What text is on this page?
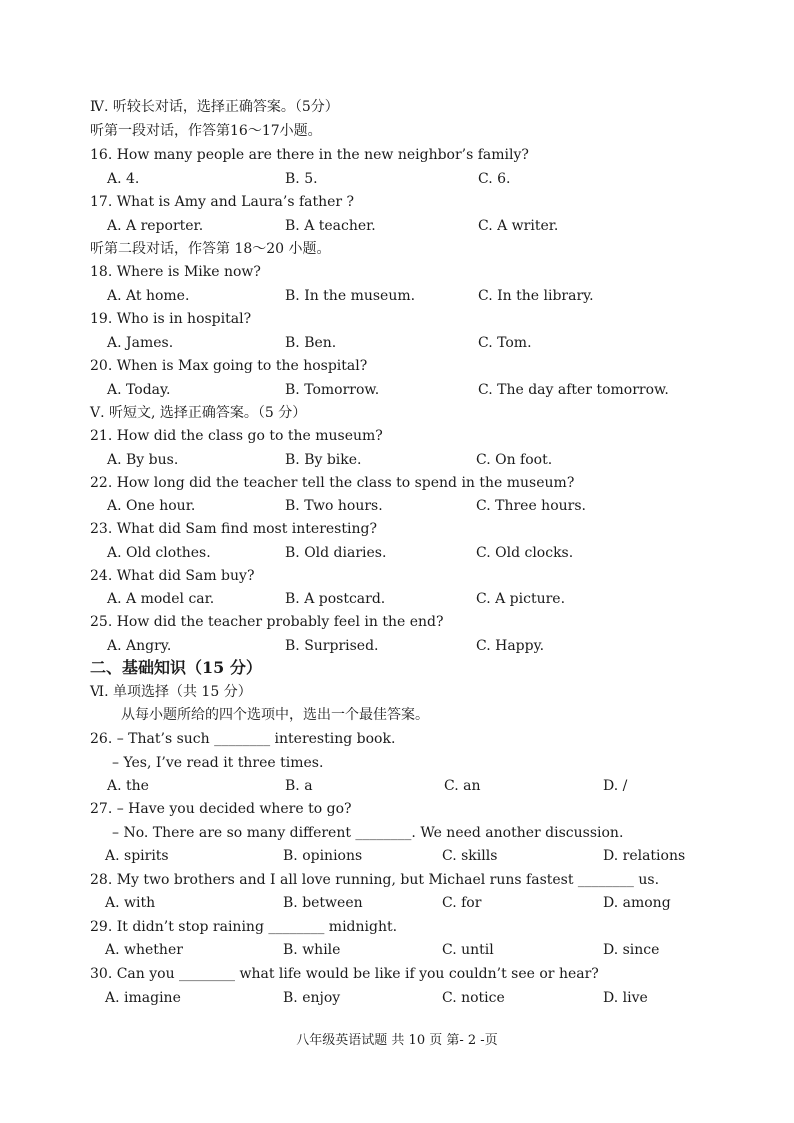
Ⅳ. 听较长对话，选择正确答案。（5分）
听第一段对话，作答第16～17小题。
16. How many people are there in the new neighbor’s family?
A. 4.	B. 5.	C. 6.
17. What is Amy and Laura’s father ?
A. A reporter.	B. A teacher.	C. A writer.
听第二段对话，作答第 18～20 小题。
18. Where is Mike now?
A. At home.	B. In the museum.	C. In the library.
19. Who is in hospital?
A. James.	B. Ben.	C. Tom.
20. When is Max going to the hospital?
A. Today.	B. Tomorrow.	C. The day after tomorrow.
Ⅴ. 听短文, 选择正确答案。（5 分）
21. How did the class go to the museum?
A. By bus.	B. By bike.	C. On foot.
22. How long did the teacher tell the class to spend in the museum?
A. One hour.	B. Two hours.	C. Three hours.
23. What did Sam find most interesting?
A. Old clothes.	B. Old diaries.	C. Old clocks.
24. What did Sam buy?
A. A model car.	B. A postcard.	C. A picture.
25. How did the teacher probably feel in the end?
A. Angry.	B. Surprised.	C. Happy.
二、基础知识（15 分）
Ⅵ. 单项选择（共 15 分）
从每小题所给的四个选项中，选出一个最佳答案。
26. – That’s such ________ interesting book.
– Yes, I’ve read it three times.
A. the	B. a	C. an	D. /
27. – Have you decided where to go?
– No. There are so many different ________. We need another discussion.
A. spirits	B. opinions	C. skills	D. relations
28. My two brothers and I all love running, but Michael runs fastest ________ us.
A. with	B. between	C. for	D. among
29. It didn’t stop raining ________ midnight.
A. whether	B. while	C. until	D. since
30. Can you ________ what life would be like if you couldn’t see or hear?
A. imagine	B. enjoy	C. notice	D. live
八年级英语试题 共 10 页 第- 2 -页
